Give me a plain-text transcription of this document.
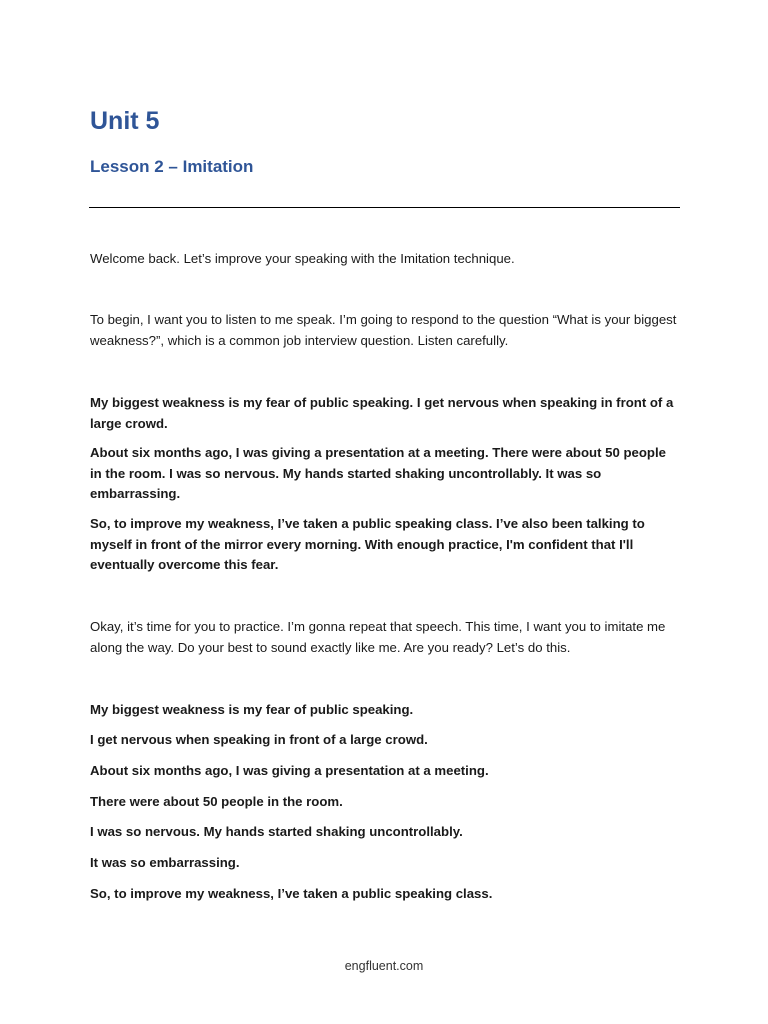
Unit 5
Lesson 2 – Imitation

Welcome back. Let’s improve your speaking with the Imitation technique.

To begin, I want you to listen to me speak. I’m going to respond to the question “What is your biggest weakness?”, which is a common job interview question. Listen carefully.

My biggest weakness is my fear of public speaking. I get nervous when speaking in front of a large crowd.

About six months ago, I was giving a presentation at a meeting. There were about 50 people in the room. I was so nervous. My hands started shaking uncontrollably. It was so embarrassing.

So, to improve my weakness, I’ve taken a public speaking class. I’ve also been talking to myself in front of the mirror every morning. With enough practice, I'm confident that I'll eventually overcome this fear.

Okay, it’s time for you to practice. I’m gonna repeat that speech. This time, I want you to imitate me along the way. Do your best to sound exactly like me. Are you ready? Let’s do this.

My biggest weakness is my fear of public speaking.

I get nervous when speaking in front of a large crowd.

About six months ago, I was giving a presentation at a meeting.

There were about 50 people in the room.

I was so nervous. My hands started shaking uncontrollably.

It was so embarrassing.

So, to improve my weakness, I’ve taken a public speaking class.

engfluent.com
